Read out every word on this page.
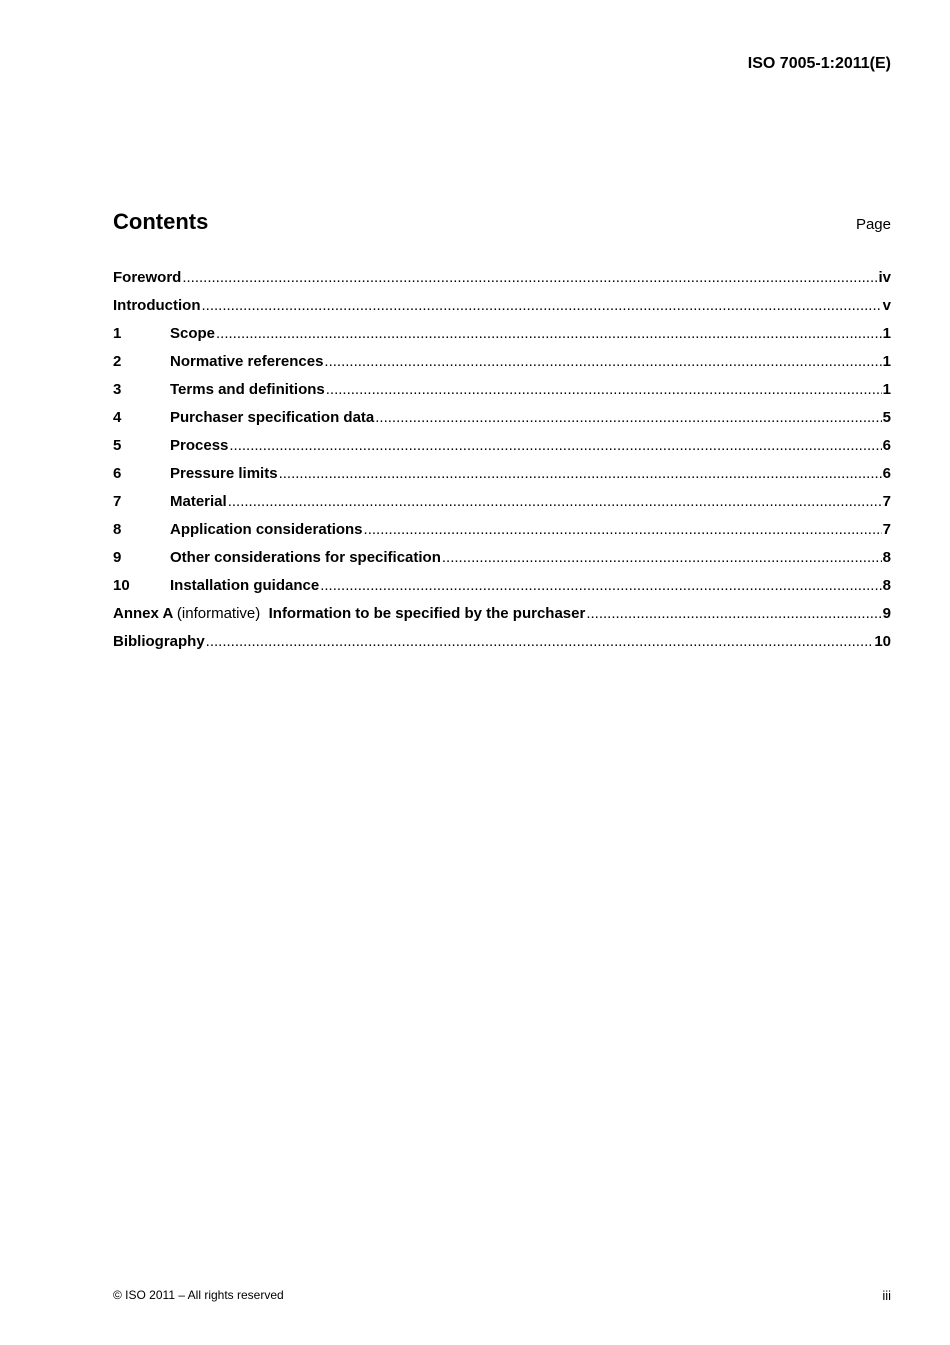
ISO 7005-1:2011(E)
Contents	Page
Foreword .....	iv
Introduction .....	v
1	Scope .....	1
2	Normative references .....	1
3	Terms and definitions .....	1
4	Purchaser specification data .....	5
5	Process .....	6
6	Pressure limits .....	6
7	Material .....	7
8	Application considerations .....	7
9	Other considerations for specification .....	8
10	Installation guidance .....	8
Annex A (informative) Information to be specified by the purchaser .....	9
Bibliography .....	10
© ISO 2011 – All rights reserved	iii
